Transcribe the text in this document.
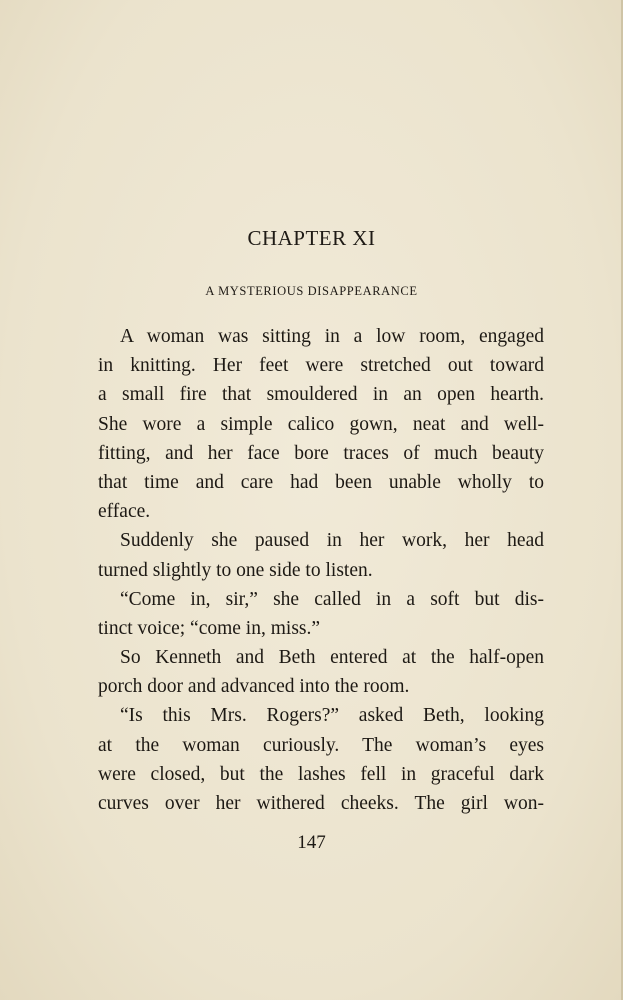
CHAPTER XI
A MYSTERIOUS DISAPPEARANCE
A woman was sitting in a low room, engaged
in knitting. Her feet were stretched out toward
a small fire that smouldered in an open hearth.
She wore a simple calico gown, neat and well-
fitting, and her face bore traces of much beauty
that time and care had been unable wholly to
efface.
Suddenly she paused in her work, her head
turned slightly to one side to listen.
“Come in, sir,” she called in a soft but dis-
tinct voice; “come in, miss.”
So Kenneth and Beth entered at the half-open
porch door and advanced into the room.
“Is this Mrs. Rogers?” asked Beth, looking
at the woman curiously. The woman’s eyes
were closed, but the lashes fell in graceful dark
curves over her withered cheeks. The girl won-
147
